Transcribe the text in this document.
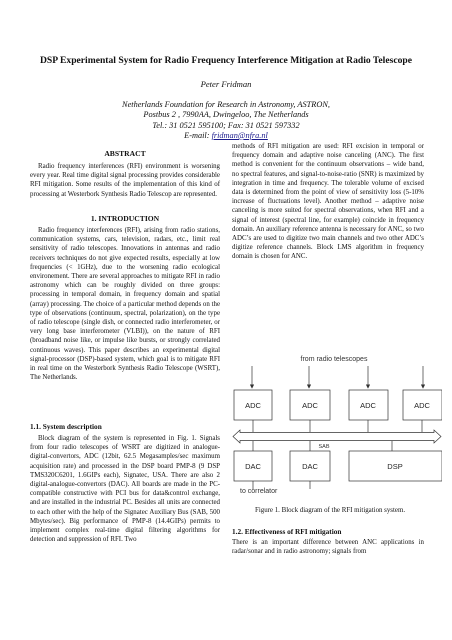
DSP Experimental System for Radio Frequency Interference Mitigation at Radio Telescope
Peter Fridman
Netherlands Foundation for Research in Astronomy, ASTRON,
Postbus 2 , 7990AA, Dwingeloo, The Netherlands
Tel.: 31 0521 595100; Fax: 31 0521 597332
E-mail: fridman@nfra.nl
ABSTRACT
Radio frequency interferences (RFI) environment is worsening every year. Real time digital signal processing provides considerable RFI mitigation. Some results of the implementation of this kind of processing at Westerbork Synthesis Radio Telescop are represented.
1. INTRODUCTION
Radio frequency interferences (RFI), arising from radio stations, communication systems, cars, television, radars, etc., limit real sensitivity of radio telescopes. Innovations in antennas and radio receivers techniques do not give expected results, especially at low frequencies (< 1GHz), due to the worsening radio ecological environement. There are several approaches to mitigate RFI in radio astronomy which can be roughly divided on three groups: processing in temporal domain, in frequency domain and spatial (array) processing. The choice of a particular method depends on the type of observations (continuum, spectral, polarization), on the type of radio telescope (single dish, or connected radio interferometer, or very long base interferometer (VLBI)), on the nature of RFI (broadband noise like, or impulse like bursts, or strongly correlated continuous waves). This paper describes an experimental digital signal-processor (DSP)-based system, which goal is to mitigate RFI in real time on the Westerbork Synthesis Radio Telescope (WSRT), The Netherlands.
1.1. System description
Block diagram of the system is represented in Fig. 1. Signals from four radio telescopes of WSRT are digitized in analogue-digital-convertors, ADC (12bit, 62.5 Megasamples/sec maximum acquisition rate) and processed in the DSP board PMP-8 (9 DSP TMS320C6201, 1.6GIPs each), Signatec, USA. There are also 2 digital-analogue-convertors (DAC). All boards are made in the PC-compatible constructive with PCI bus for data&control exchange, and are installed in the industrial PC. Besides all units are connected to each other with the help of the Signatec Auxiliary Bus (SAB, 500 Mbytes/sec). Big performance of PMP-8 (14.4GIPs) permits to implement complex real-time digital filtering algorithms for detection and suppression of RFI. Two
methods of RFI mitigation are used: RFI excision in temporal or frequency domain and adaptive noise canceling (ANC). The first method is convenient for the continuum observations – wide band, no spectral features, and signal-to-noise-ratio (SNR) is maximized by integration in time and frequency. The tolerable volume of excised data is determined from the point of view of sensitivity loss (5-10% increase of fluctuations level). Another method – adaptive noise canceling is more suited for spectral observations, when RFI and a signal of interest (spectral line, for example) coincide in frequency domain. An auxiliary reference antenna is necessary for ANC, so two ADC’s are used to digitize two main channels and two other ADC’s digitize reference channels. Block LMS algorithm in frequency domain is chosen for ANC.
from radio telescopes
ADC	ADC	ADC	ADC
SAB
DAC	DAC	DSP
to correlator
Figure 1. Block diagram of the RFI mitigation system.
1.2. Effectiveness of RFI mitigation
There is an important difference between ANC applications in radar/sonar and in radio astronomy; signals from
